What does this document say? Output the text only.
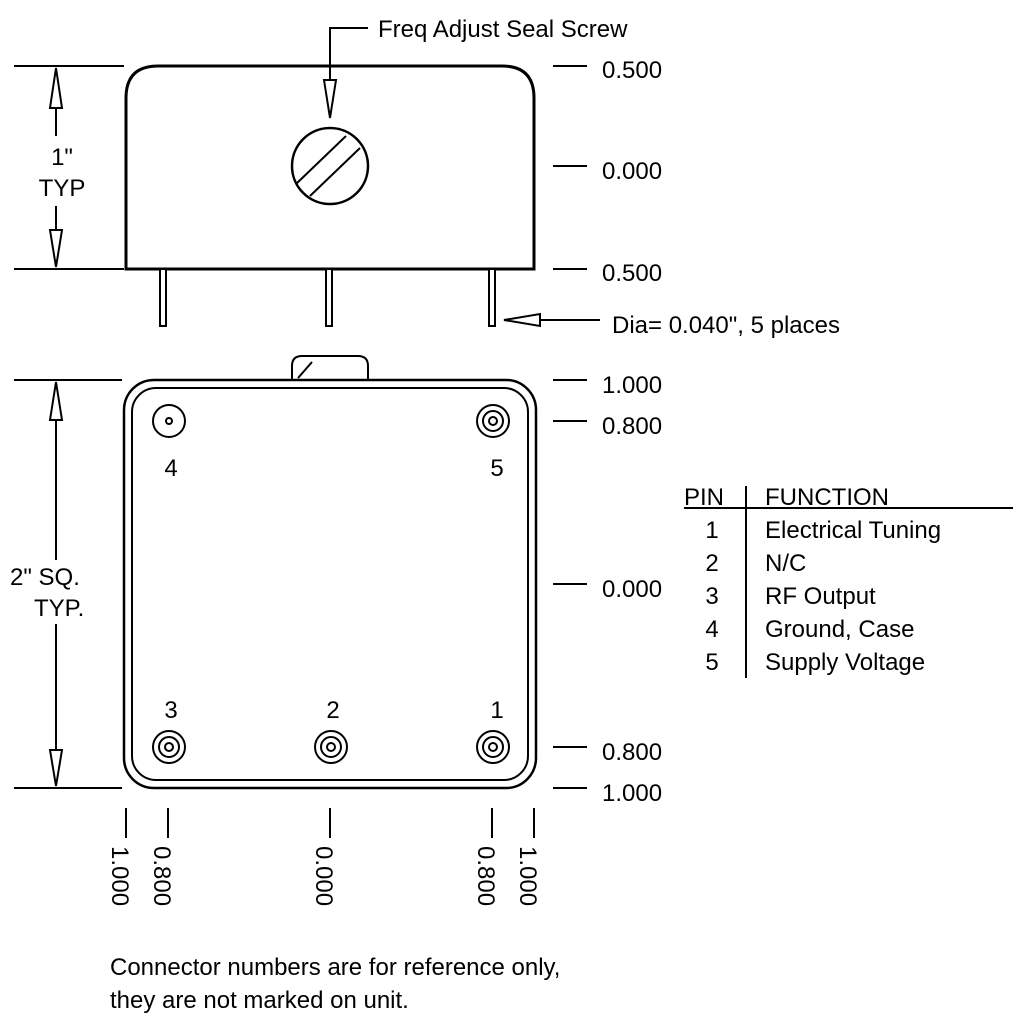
Freq Adjust Seal Screw
1"
TYP
0.500
0.000
0.500
Dia= 0.040", 5 places
4	5
3	2	1
2" SQ.
TYP.
1.000
0.800
0.000
0.800
1.000
1.000 0.800	0.000	0.800 1.000
PIN FUNCTION
1 Electrical Tuning
2 N/C
3 RF Output
4 Ground, Case
5 Supply Voltage
Connector numbers are for reference only,
they are not marked on unit.
